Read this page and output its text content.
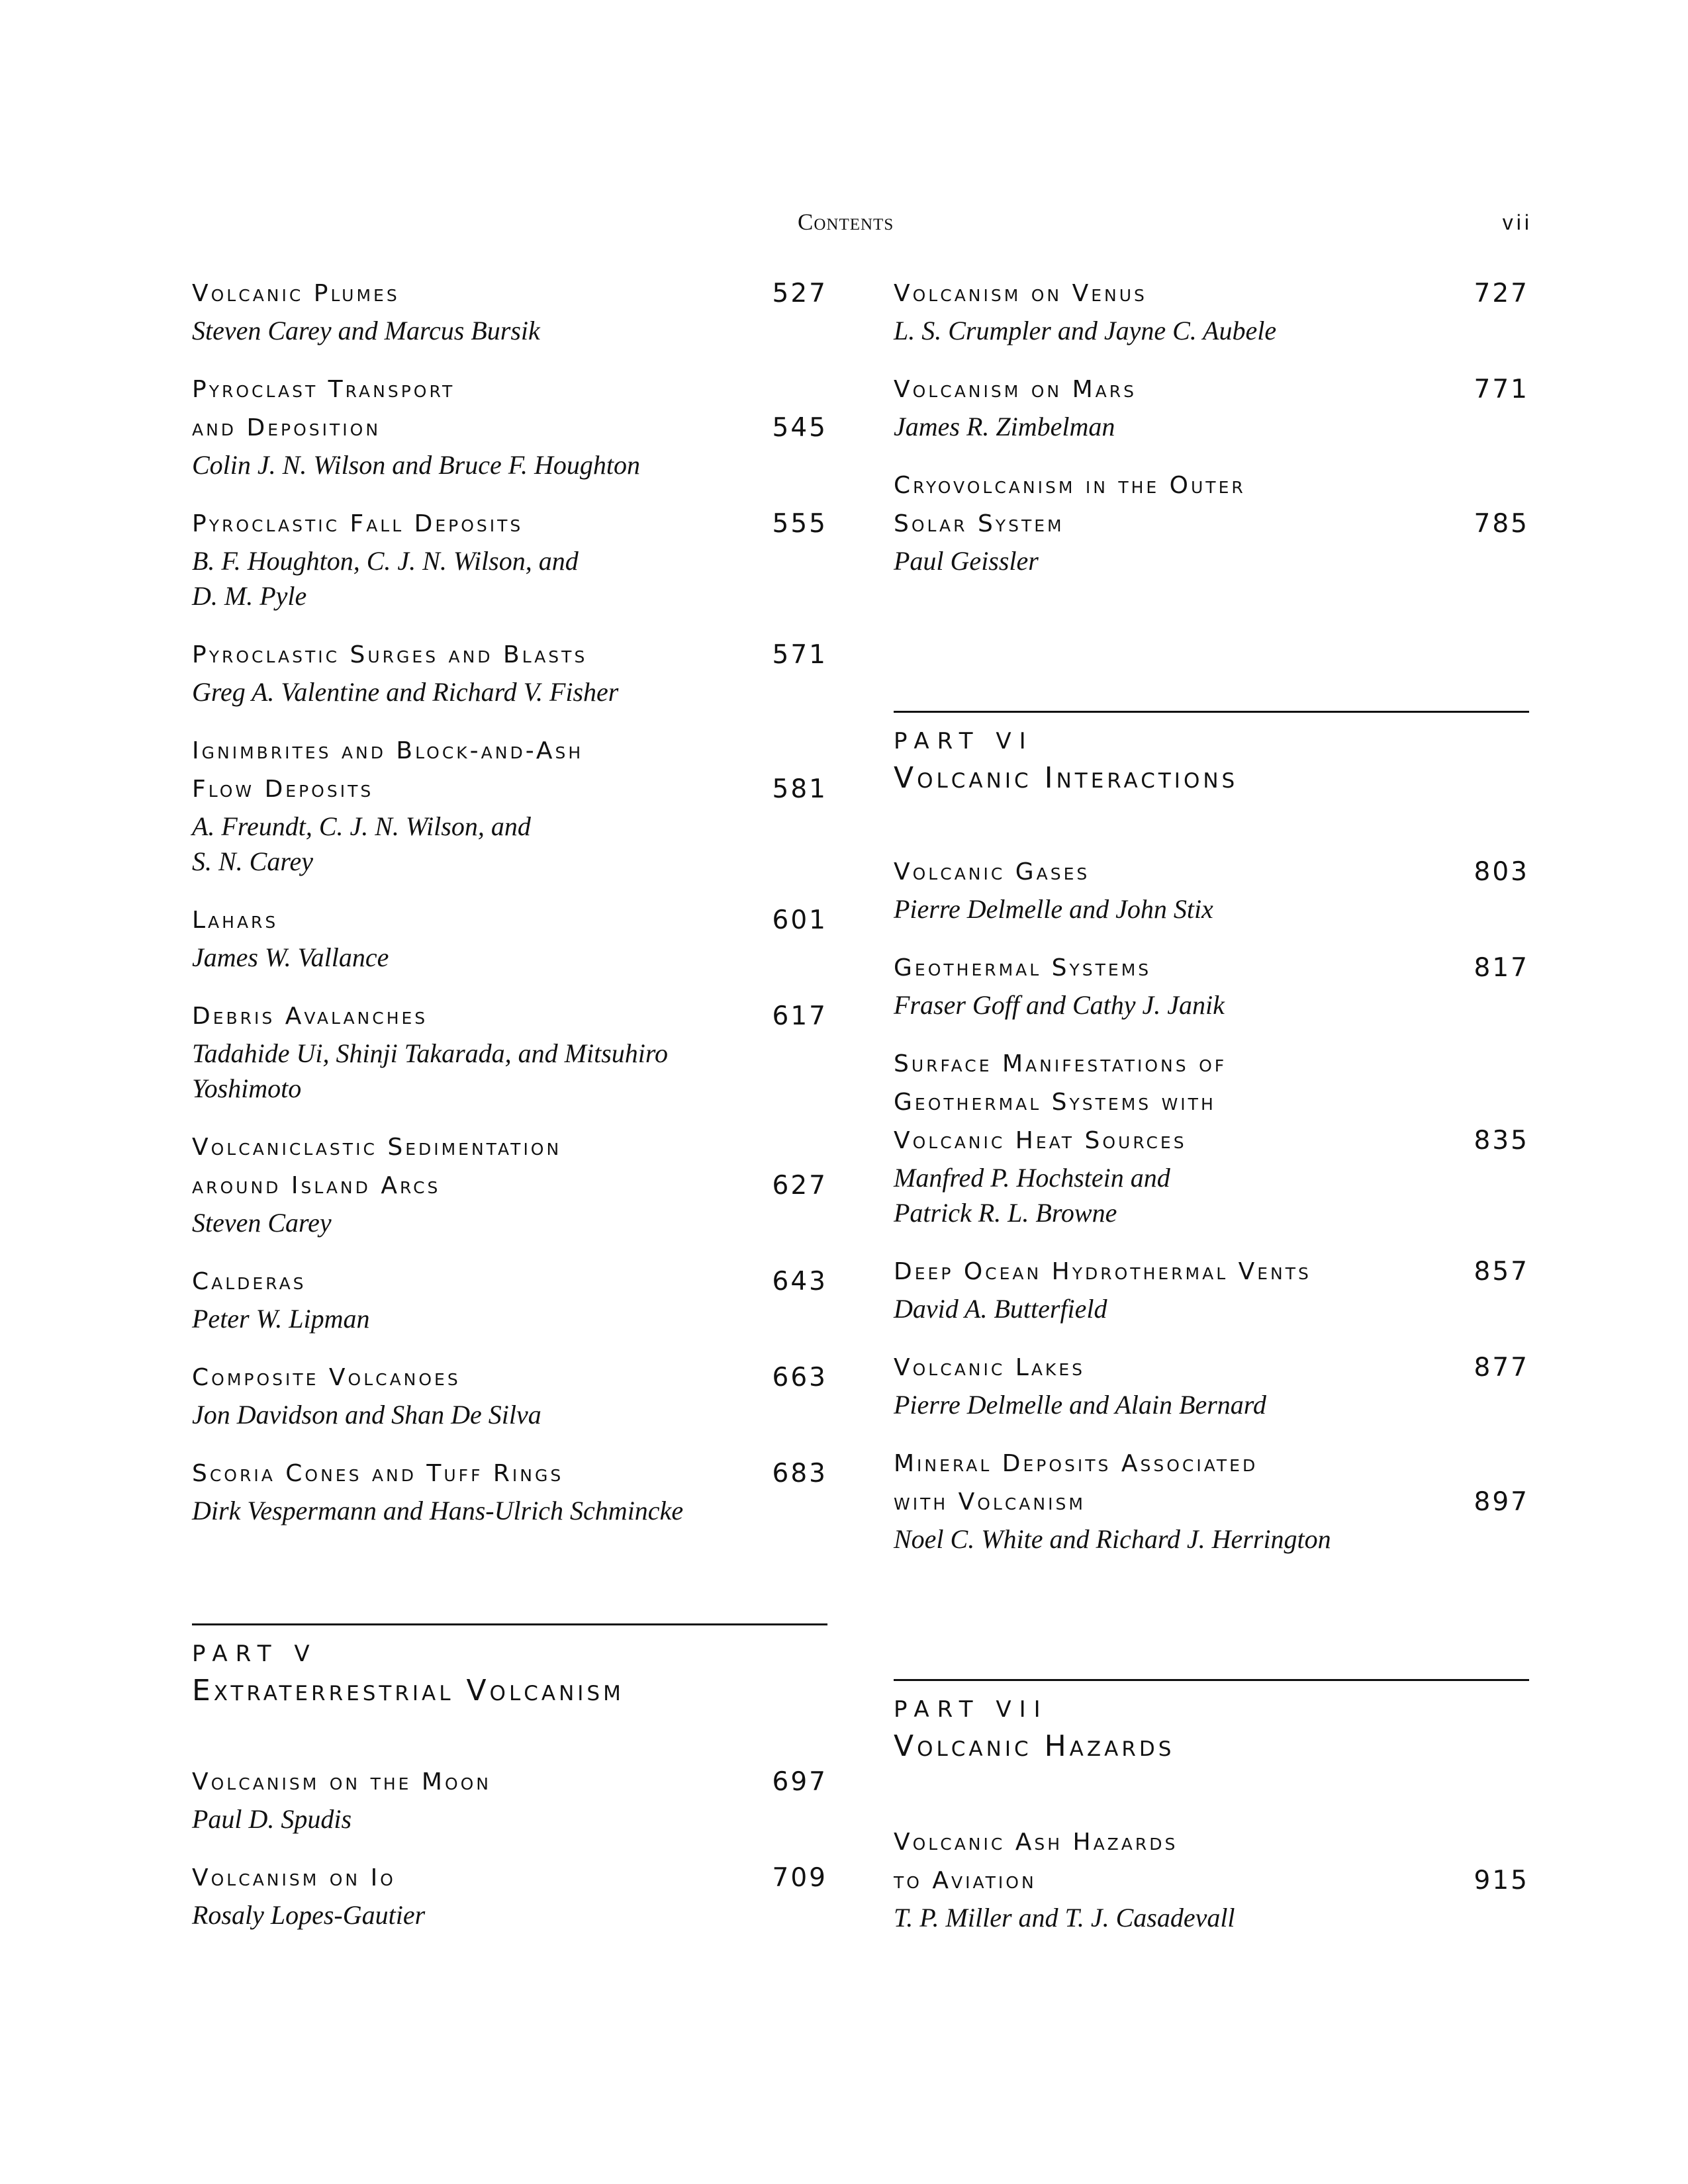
Contents	vii
Volcanic Plumes	527
Steven Carey and Marcus Bursik
Pyroclast Transport
and Deposition	545
Colin J. N. Wilson and Bruce F. Houghton
Pyroclastic Fall Deposits	555
B. F. Houghton, C. J. N. Wilson, and
D. M. Pyle
Pyroclastic Surges and Blasts	571
Greg A. Valentine and Richard V. Fisher
Ignimbrites and Block-and-Ash
Flow Deposits	581
A. Freundt, C. J. N. Wilson, and
S. N. Carey
Lahars	601
James W. Vallance
Debris Avalanches	617
Tadahide Ui, Shinji Takarada, and Mitsuhiro
Yoshimoto
Volcaniclastic Sedimentation
around Island Arcs	627
Steven Carey
Calderas	643
Peter W. Lipman
Composite Volcanoes	663
Jon Davidson and Shan De Silva
Scoria Cones and Tuff Rings	683
Dirk Vespermann and Hans-Ulrich Schmincke
PART V
Extraterrestrial Volcanism
Volcanism on the Moon	697
Paul D. Spudis
Volcanism on Io	709
Rosaly Lopes-Gautier
Volcanism on Venus	727
L. S. Crumpler and Jayne C. Aubele
Volcanism on Mars	771
James R. Zimbelman
Cryovolcanism in the Outer
Solar System	785
Paul Geissler
PART VI
Volcanic Interactions
Volcanic Gases	803
Pierre Delmelle and John Stix
Geothermal Systems	817
Fraser Goff and Cathy J. Janik
Surface Manifestations of
Geothermal Systems with
Volcanic Heat Sources	835
Manfred P. Hochstein and
Patrick R. L. Browne
Deep Ocean Hydrothermal Vents	857
David A. Butterfield
Volcanic Lakes	877
Pierre Delmelle and Alain Bernard
Mineral Deposits Associated
with Volcanism	897
Noel C. White and Richard J. Herrington
PART VII
Volcanic Hazards
Volcanic Ash Hazards
to Aviation	915
T. P. Miller and T. J. Casadevall
